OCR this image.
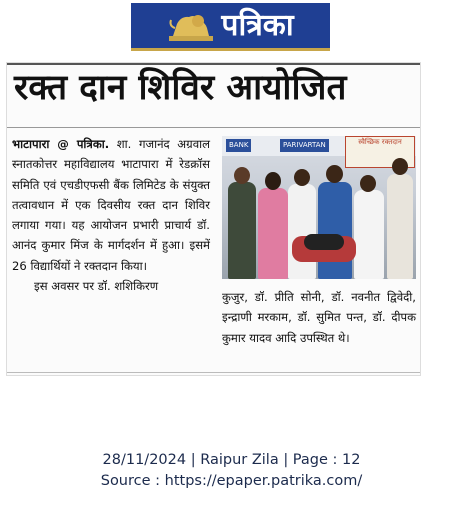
पत्रिका
रक्त दान शिविर आयोजित
भाटापारा @ पत्रिका. शा. गजानंद अग्रवाल स्नातकोत्तर महाविद्यालय भाटापारा में रेडक्रॉस समिति एवं एचडीएफसी बैंक लिमिटेड के संयुक्त तत्वावधान में एक दिवसीय रक्त दान शिविर लगाया गया। यह आयोजन प्रभारी प्राचार्य डॉ. आनंद कुमार मिंज के मार्गदर्शन में हुआ। इसमें 26 विद्यार्थियों ने रक्तदान किया।
इस अवसर पर डॉ. शशिकिरण
BANK	PARIVARTAN	स्वैच्छिक रक्तदान
कुजुर, डॉ. प्रीति सोनी, डॉ. नवनीत द्विवेदी, इन्द्राणी मरकाम, डॉ. सुमित पन्त, डॉ. दीपक कुमार यादव आदि उपस्थित थे।
28/11/2024 | Raipur Zila | Page : 12
Source : https://epaper.patrika.com/
